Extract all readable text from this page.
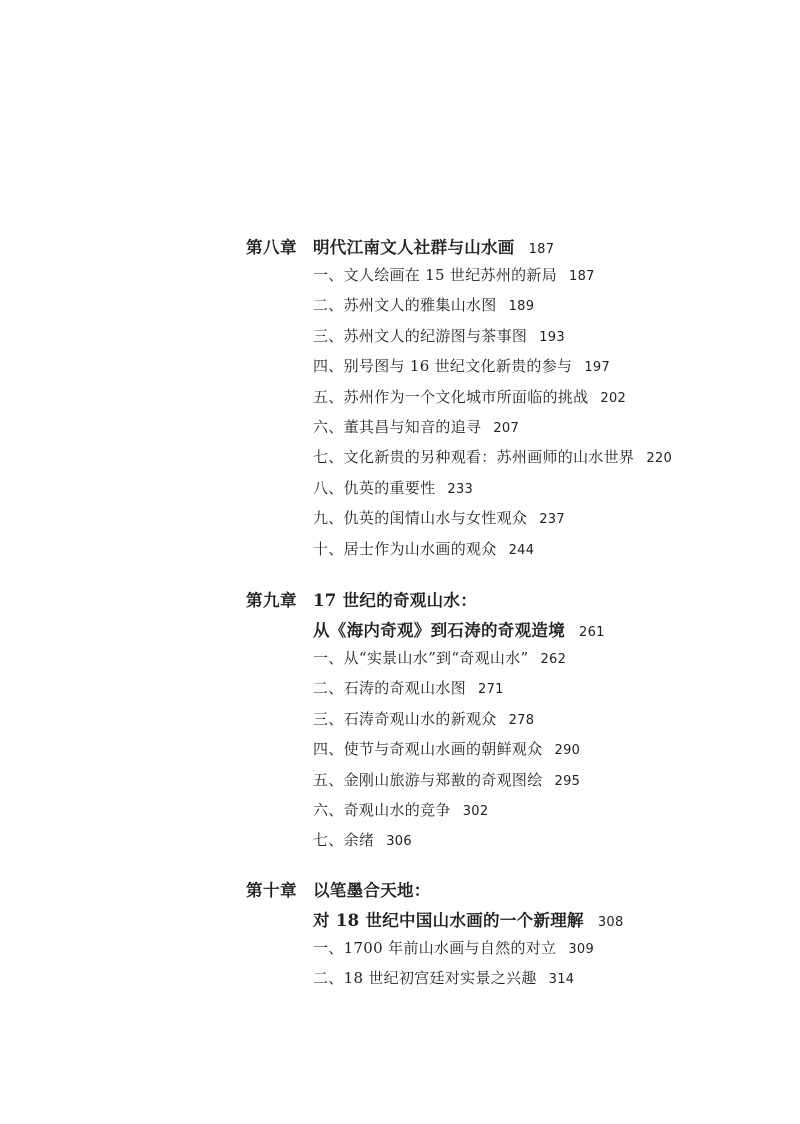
第八章 明代江南文人社群与山水画 187
一、文人绘画在 15 世纪苏州的新局 187
二、苏州文人的雅集山水图 189
三、苏州文人的纪游图与茶事图 193
四、别号图与 16 世纪文化新贵的参与 197
五、苏州作为一个文化城市所面临的挑战 202
六、董其昌与知音的追寻 207
七、文化新贵的另种观看：苏州画师的山水世界 220
八、仇英的重要性 233
九、仇英的闺情山水与女性观众 237
十、居士作为山水画的观众 244
第九章 17 世纪的奇观山水：
从《海内奇观》到石涛的奇观造境 261
一、从“实景山水”到“奇观山水” 262
二、石涛的奇观山水图 271
三、石涛奇观山水的新观众 278
四、使节与奇观山水画的朝鲜观众 290
五、金刚山旅游与郑敾的奇观图绘 295
六、奇观山水的竞争 302
七、余绪 306
第十章 以笔墨合天地：
对 18 世纪中国山水画的一个新理解 308
一、1700 年前山水画与自然的对立 309
二、18 世纪初宫廷对实景之兴趣 314
